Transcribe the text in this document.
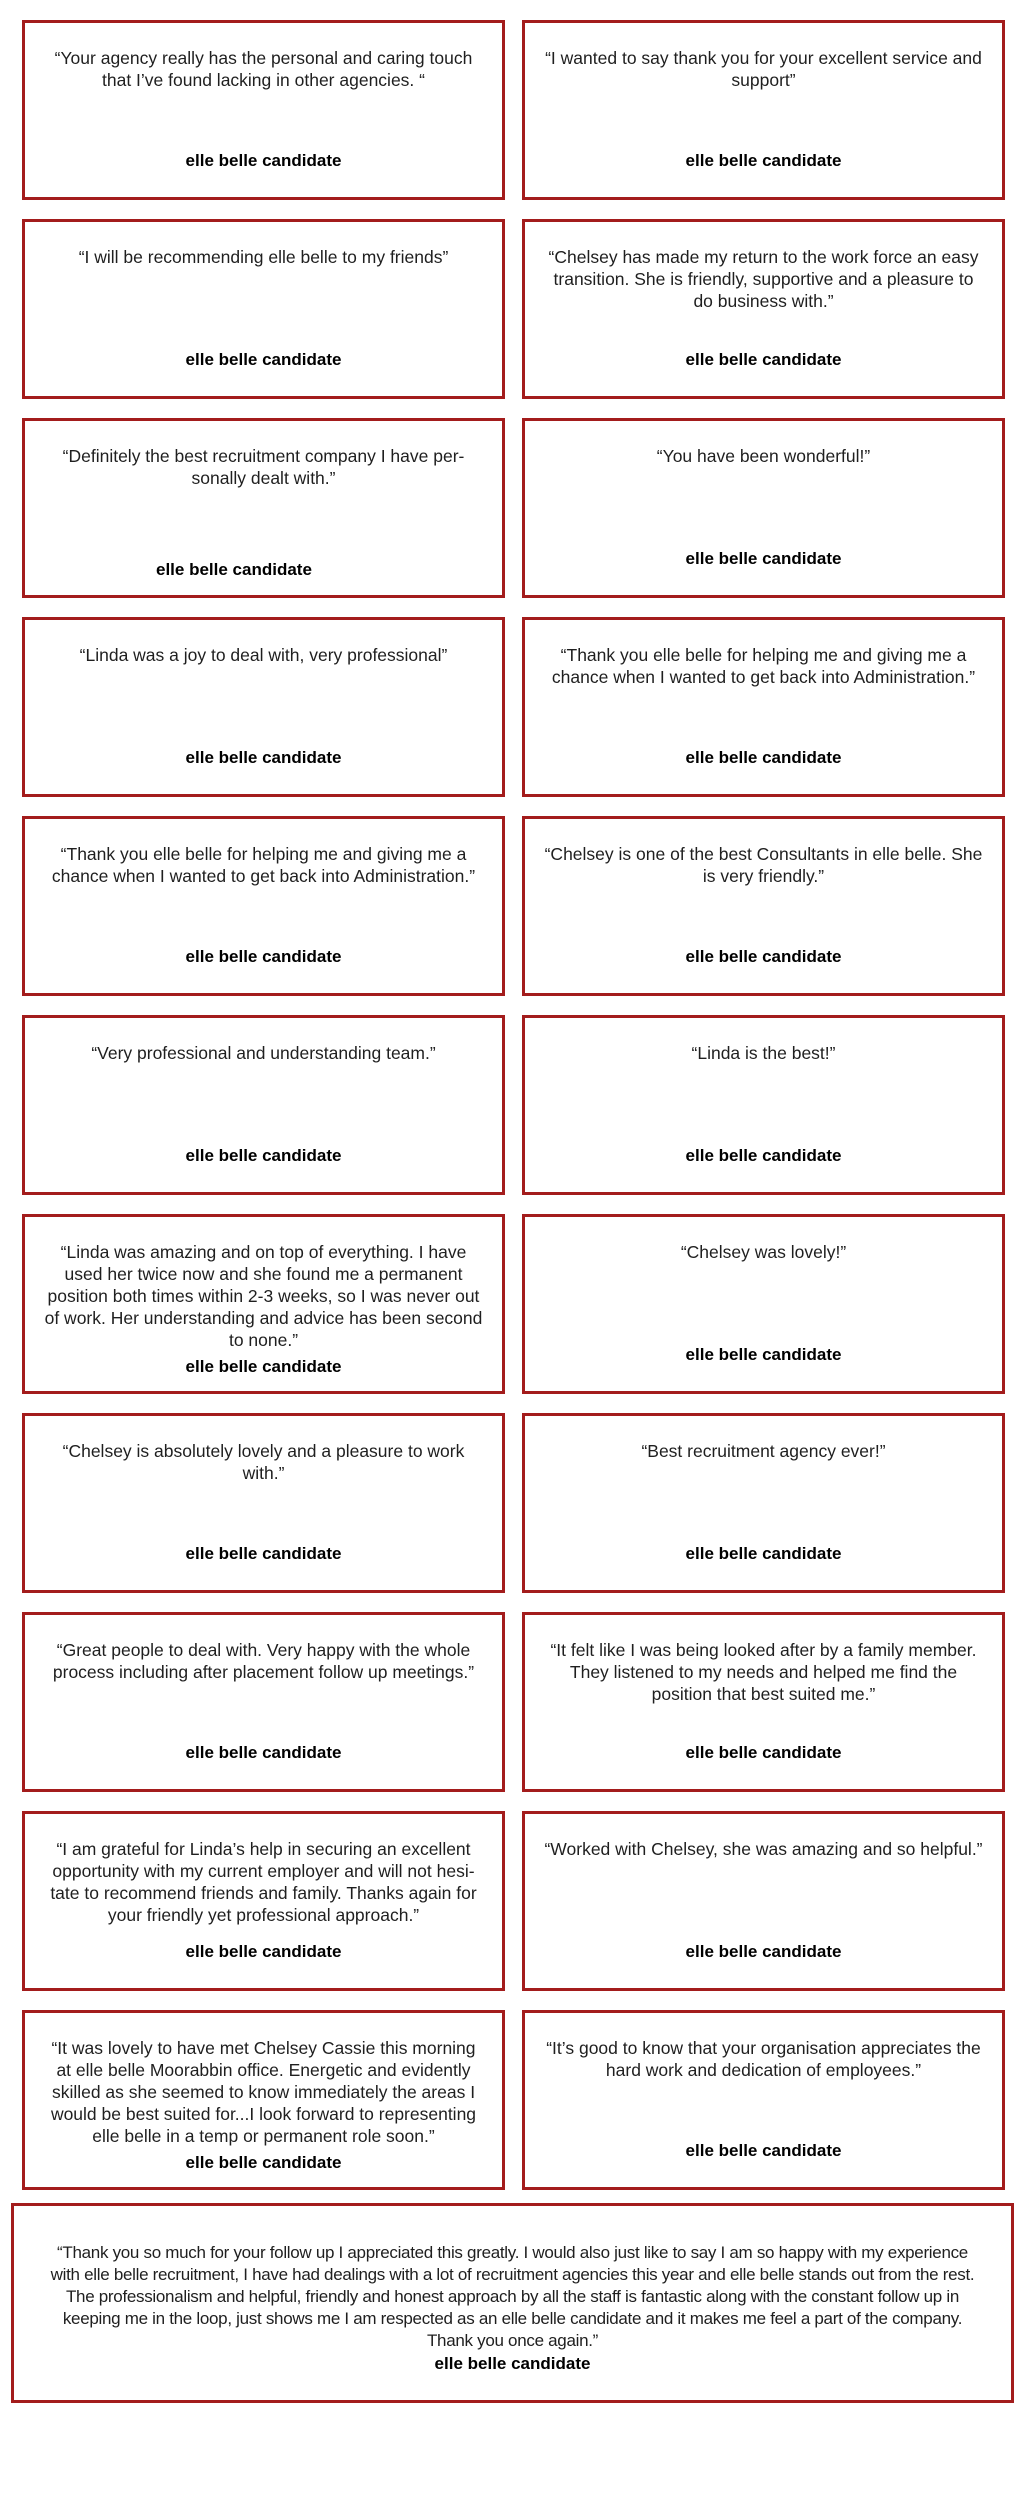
“Your agency really has the personal and caring touch that I’ve found lacking in other agencies. “

elle belle candidate

“I wanted to say thank you for your excellent service and support”

elle belle candidate

“I will be recommending elle belle to my friends”

elle belle candidate

“Chelsey has made my return to the work force an easy transition. She is friendly, supportive and a pleasure to do business with.”

elle belle candidate

“Definitely the best recruitment company I have per- sonally dealt with.”

elle belle candidate

“You have been wonderful!”

elle belle candidate

“Linda was a joy to deal with, very professional”

elle belle candidate

“Thank you elle belle for helping me and giving me a chance when I wanted to get back into Administration.”

elle belle candidate

“Thank you elle belle for helping me and giving me a chance when I wanted to get back into Administration.”

elle belle candidate

“Chelsey is one of the best Consultants in elle belle. She is very friendly.”

elle belle candidate

“Very professional and understanding team.”

elle belle candidate

“Linda is the best!”

elle belle candidate

“Linda was amazing and on top of everything. I have used her twice now and she found me a permanent position both times within 2-3 weeks, so I was never out of work. Her understanding and advice has been second to none.”

elle belle candidate

“Chelsey was lovely!”

elle belle candidate

“Chelsey is absolutely lovely and a pleasure to work with.”

elle belle candidate

“Best recruitment agency ever!”

elle belle candidate

“Great people to deal with. Very happy with the whole process including after placement follow up meetings.”

elle belle candidate

“It felt like I was being looked after by a family member. They listened to my needs and helped me find the position that best suited me.”

elle belle candidate

“I am grateful for Linda’s help in securing an excellent opportunity with my current employer and will not hesi- tate to recommend friends and family. Thanks again for your friendly yet professional approach.”

elle belle candidate

“Worked with Chelsey, she was amazing and so helpful.”

elle belle candidate

“It was lovely to have met Chelsey Cassie this morning at elle belle Moorabbin office. Energetic and evidently skilled as she seemed to know immediately the areas I would be best suited for...I look forward to representing elle belle in a temp or permanent role soon.”

elle belle candidate

“It’s good to know that your organisation appreciates the hard work and dedication of employees.”

elle belle candidate

“Thank you so much for your follow up I appreciated this greatly. I would also just like to say I am so happy with my experience with elle belle recruitment, I have had dealings with a lot of recruitment agencies this year and elle belle stands out from the rest. The professionalism and helpful, friendly and honest approach by all the staff is fantastic along with the constant follow up in keeping me in the loop, just shows me I am respected as an elle belle candidate and it makes me feel a part of the company. Thank you once again.”

elle belle candidate
